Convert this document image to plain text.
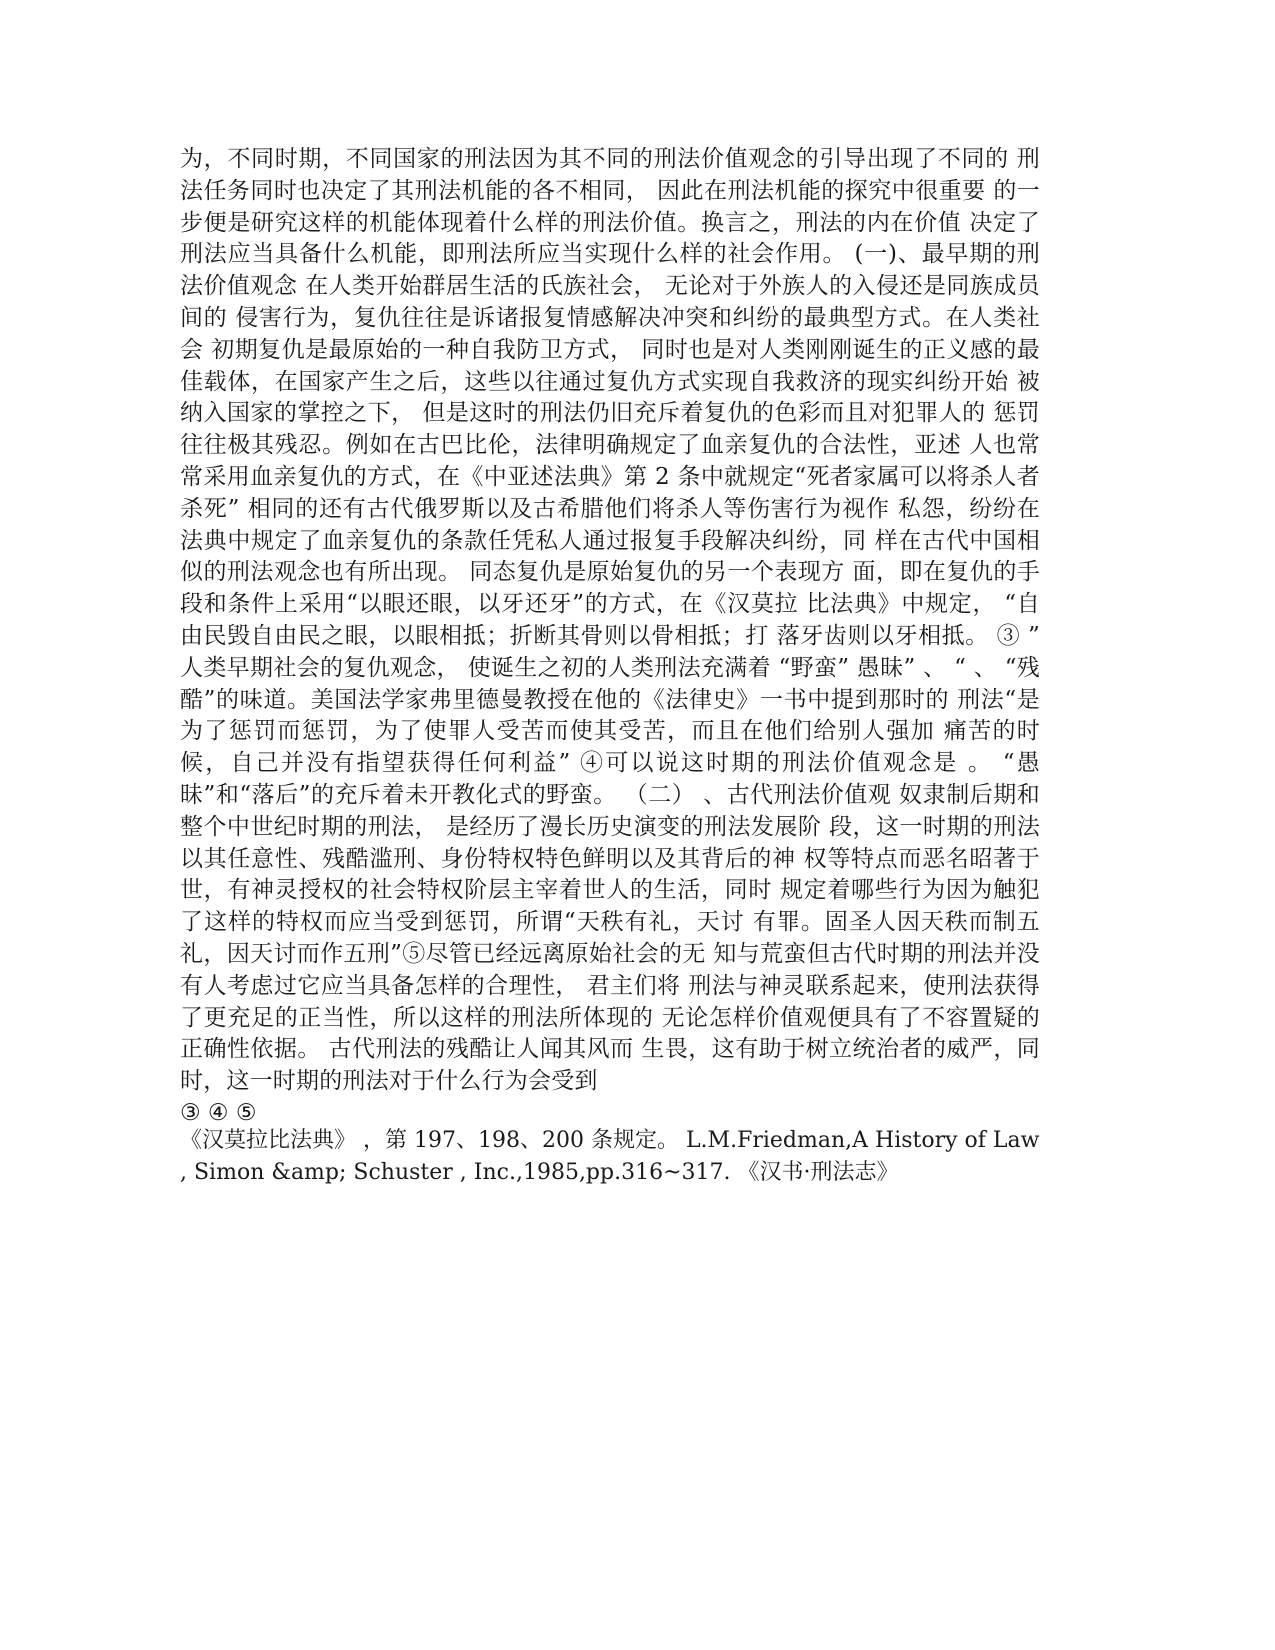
为，不同时期，不同国家的刑法因为其不同的刑法价值观念的引导出现了不同的 刑法任务同时也决定了其刑法机能的各不相同， 因此在刑法机能的探究中很重要 的一步便是研究这样的机能体现着什么样的刑法价值。换言之，刑法的内在价值 决定了刑法应当具备什么机能，即刑法所应当实现什么样的社会作用。 (一)、最早期的刑法价值观念 在人类开始群居生活的氏族社会， 无论对于外族人的入侵还是同族成员间的 侵害行为，复仇往往是诉诸报复情感解决冲突和纠纷的最典型方式。在人类社会 初期复仇是最原始的一种自我防卫方式， 同时也是对人类刚刚诞生的正义感的最 佳载体，在国家产生之后，这些以往通过复仇方式实现自我救济的现实纠纷开始 被纳入国家的掌控之下， 但是这时的刑法仍旧充斥着复仇的色彩而且对犯罪人的 惩罚往往极其残忍。例如在古巴比伦，法律明确规定了血亲复仇的合法性，亚述 人也常常采用血亲复仇的方式，在《中亚述法典》第 2 条中就规定“死者家属可以将杀人者杀死” 相同的还有古代俄罗斯以及古希腊他们将杀人等伤害行为视作 私怨，纷纷在法典中规定了血亲复仇的条款任凭私人通过报复手段解决纠纷，同 样在古代中国相似的刑法观念也有所出现。 同态复仇是原始复仇的另一个表现方 面，即在复仇的手段和条件上采用“以眼还眼，以牙还牙”的方式，在《汉莫拉 比法典》中规定， “自由民毁自由民之眼，以眼相抵；折断其骨则以骨相抵；打 落牙齿则以牙相抵。 ③ ” 人类早期社会的复仇观念， 使诞生之初的人类刑法充满着 “野蛮” 愚昧” 、 “ 、 “残酷”的味道。美国法学家弗里德曼教授在他的《法律史》一书中提到那时的 刑法“是为了惩罚而惩罚，为了使罪人受苦而使其受苦，而且在他们给别人强加 痛苦的时候，自己并没有指望获得任何利益” ④可以说这时期的刑法价值观念是 。 “愚昧”和“落后”的充斥着未开教化式的野蛮。 （二） 、古代刑法价值观 奴隶制后期和整个中世纪时期的刑法， 是经历了漫长历史演变的刑法发展阶 段，这一时期的刑法以其任意性、残酷滥刑、身份特权特色鲜明以及其背后的神 权等特点而恶名昭著于世，有神灵授权的社会特权阶层主宰着世人的生活，同时 规定着哪些行为因为触犯了这样的特权而应当受到惩罚，所谓“天秩有礼，天讨 有罪。固圣人因天秩而制五礼，因天讨而作五刑”⑤尽管已经远离原始社会的无 知与荒蛮但古代时期的刑法并没有人考虑过它应当具备怎样的合理性， 君主们将 刑法与神灵联系起来，使刑法获得了更充足的正当性，所以这样的刑法所体现的 无论怎样价值观便具有了不容置疑的正确性依据。 古代刑法的残酷让人闻其风而 生畏，这有助于树立统治者的威严，同时，这一时期的刑法对于什么行为会受到

③ ④ ⑤

《汉莫拉比法典》 ，第 197、198、200 条规定。 L.M.Friedman,A History of Law , Simon &amp; Schuster , Inc.,1985,pp.316~317. 《汉书·刑法志》
